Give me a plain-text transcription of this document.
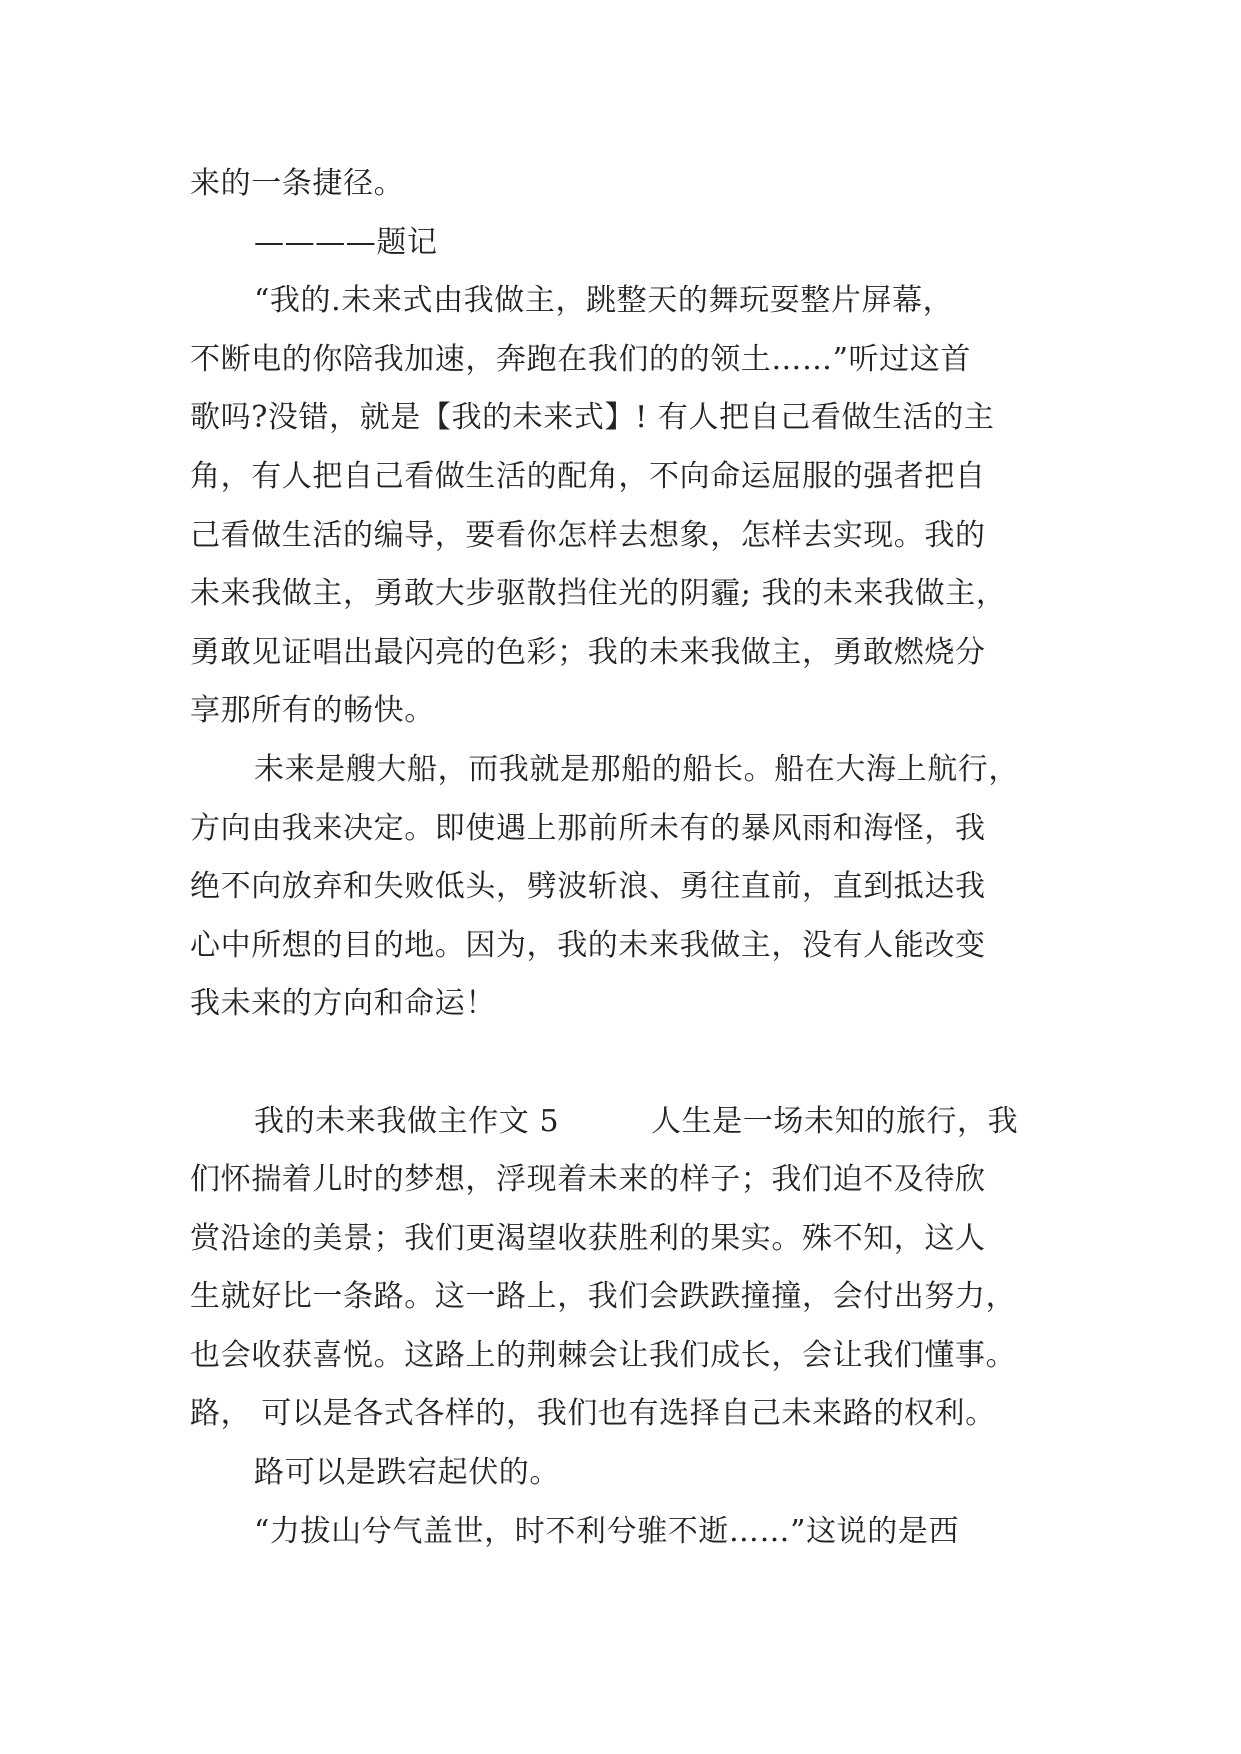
来的一条捷径。
————题记
“我的.未来式由我做主，跳整天的舞玩耍整片屏幕，
不断电的你陪我加速，奔跑在我们的的领土……”听过这首
歌吗?没错，就是【我的未来式】! 有人把自己看做生活的主
角，有人把自己看做生活的配角，不向命运屈服的强者把自
己看做生活的编导，要看你怎样去想象，怎样去实现。我的
未来我做主，勇敢大步驱散挡住光的阴霾; 我的未来我做主，
勇敢见证唱出最闪亮的色彩；我的未来我做主，勇敢燃烧分
享那所有的畅快。
未来是艘大船，而我就是那船的船长。船在大海上航行，
方向由我来决定。即使遇上那前所未有的暴风雨和海怪，我
绝不向放弃和失败低头，劈波斩浪、勇往直前，直到抵达我
心中所想的目的地。因为，我的未来我做主，没有人能改变
我未来的方向和命运！
我的未来我做主作文 5　　　人生是一场未知的旅行，我
们怀揣着儿时的梦想，浮现着未来的样子；我们迫不及待欣
赏沿途的美景；我们更渴望收获胜利的果实。殊不知，这人
生就好比一条路。这一路上，我们会跌跌撞撞，会付出努力，
也会收获喜悦。这路上的荆棘会让我们成长，会让我们懂事。
路， 可以是各式各样的，我们也有选择自己未来路的权利。
路可以是跌宕起伏的。
“力拔山兮气盖世，时不利兮骓不逝……”这说的是西
